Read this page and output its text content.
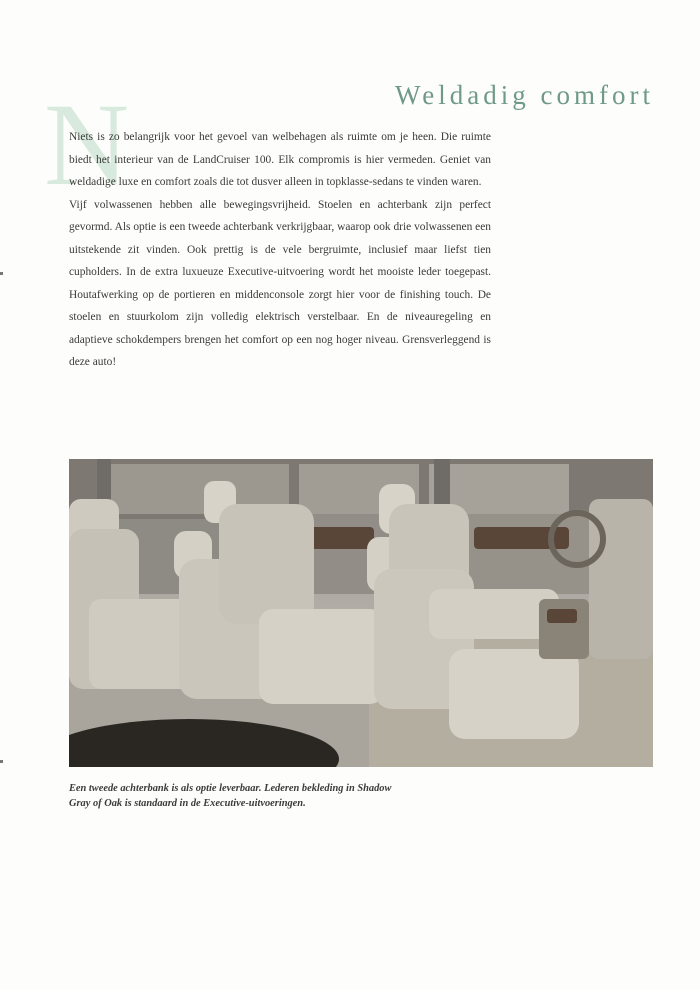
Weldadig comfort
N

Niets is zo belangrijk voor het gevoel van welbehagen als ruimte om je heen. Die ruimte biedt het interieur van de LandCruiser 100. Elk compromis is hier vermeden. Geniet van weldadige luxe en comfort zoals die tot dusver alleen in topklasse-sedans te vinden waren.

Vijf volwassenen hebben alle bewegingsvrijheid. Stoelen en achterbank zijn perfect gevormd. Als optie is een tweede achterbank verkrijgbaar, waarop ook drie volwassenen een uitstekende zit vinden. Ook prettig is de vele bergruimte, inclusief maar liefst tien cupholders. In de extra luxueuze Executive-uitvoering wordt het mooiste leder toegepast. Houtafwerking op de portieren en middenconsole zorgt hier voor de finishing touch. De stoelen en stuurkolom zijn volledig elektrisch verstelbaar. En de niveauregeling en adaptieve schokdempers brengen het comfort op een nog hoger niveau. Grensverleggend is deze auto!

Een tweede achterbank is als optie leverbaar. Lederen bekleding in Shadow Gray of Oak is standaard in de Executive-uitvoeringen.
